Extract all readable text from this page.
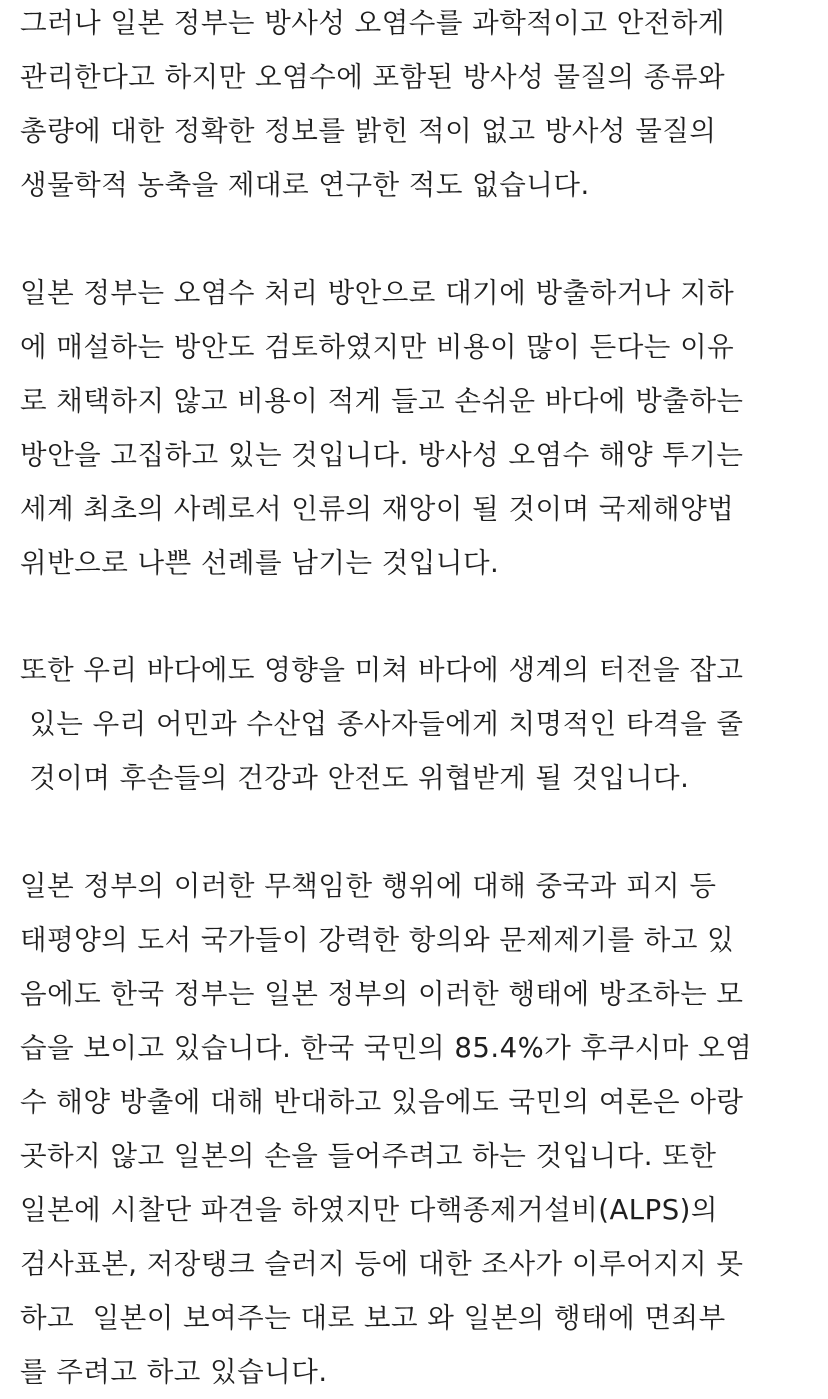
그러나 일본 정부는 방사성 오염수를 과학적이고 안전하게
관리한다고 하지만 오염수에 포함된 방사성 물질의 종류와
총량에 대한 정확한 정보를 밝힌 적이 없고 방사성 물질의
생물학적 농축을 제대로 연구한 적도 없습니다.
일본 정부는 오염수 처리 방안으로 대기에 방출하거나 지하
에 매설하는 방안도 검토하였지만 비용이 많이 든다는 이유
로 채택하지 않고 비용이 적게 들고 손쉬운 바다에 방출하는
방안을 고집하고 있는 것입니다. 방사성 오염수 해양 투기는
세계 최초의 사례로서 인류의 재앙이 될 것이며 국제해양법
위반으로 나쁜 선례를 남기는 것입니다.
또한 우리 바다에도 영향을 미쳐 바다에 생계의 터전을 잡고
있는 우리 어민과 수산업 종사자들에게 치명적인 타격을 줄
것이며 후손들의 건강과 안전도 위협받게 될 것입니다.
일본 정부의 이러한 무책임한 행위에 대해 중국과 피지 등
태평양의 도서 국가들이 강력한 항의와 문제제기를 하고 있
음에도 한국 정부는 일본 정부의 이러한 행태에 방조하는 모
습을 보이고 있습니다. 한국 국민의 85.4%가 후쿠시마 오염
수 해양 방출에 대해 반대하고 있음에도 국민의 여론은 아랑
곳하지 않고 일본의 손을 들어주려고 하는 것입니다. 또한
일본에 시찰단 파견을 하였지만 다핵종제거설비(ALPS)의
검사표본, 저장탱크 슬러지 등에 대한 조사가 이루어지지 못
하고  일본이 보여주는 대로 보고 와 일본의 행태에 면죄부
를 주려고 하고 있습니다.
